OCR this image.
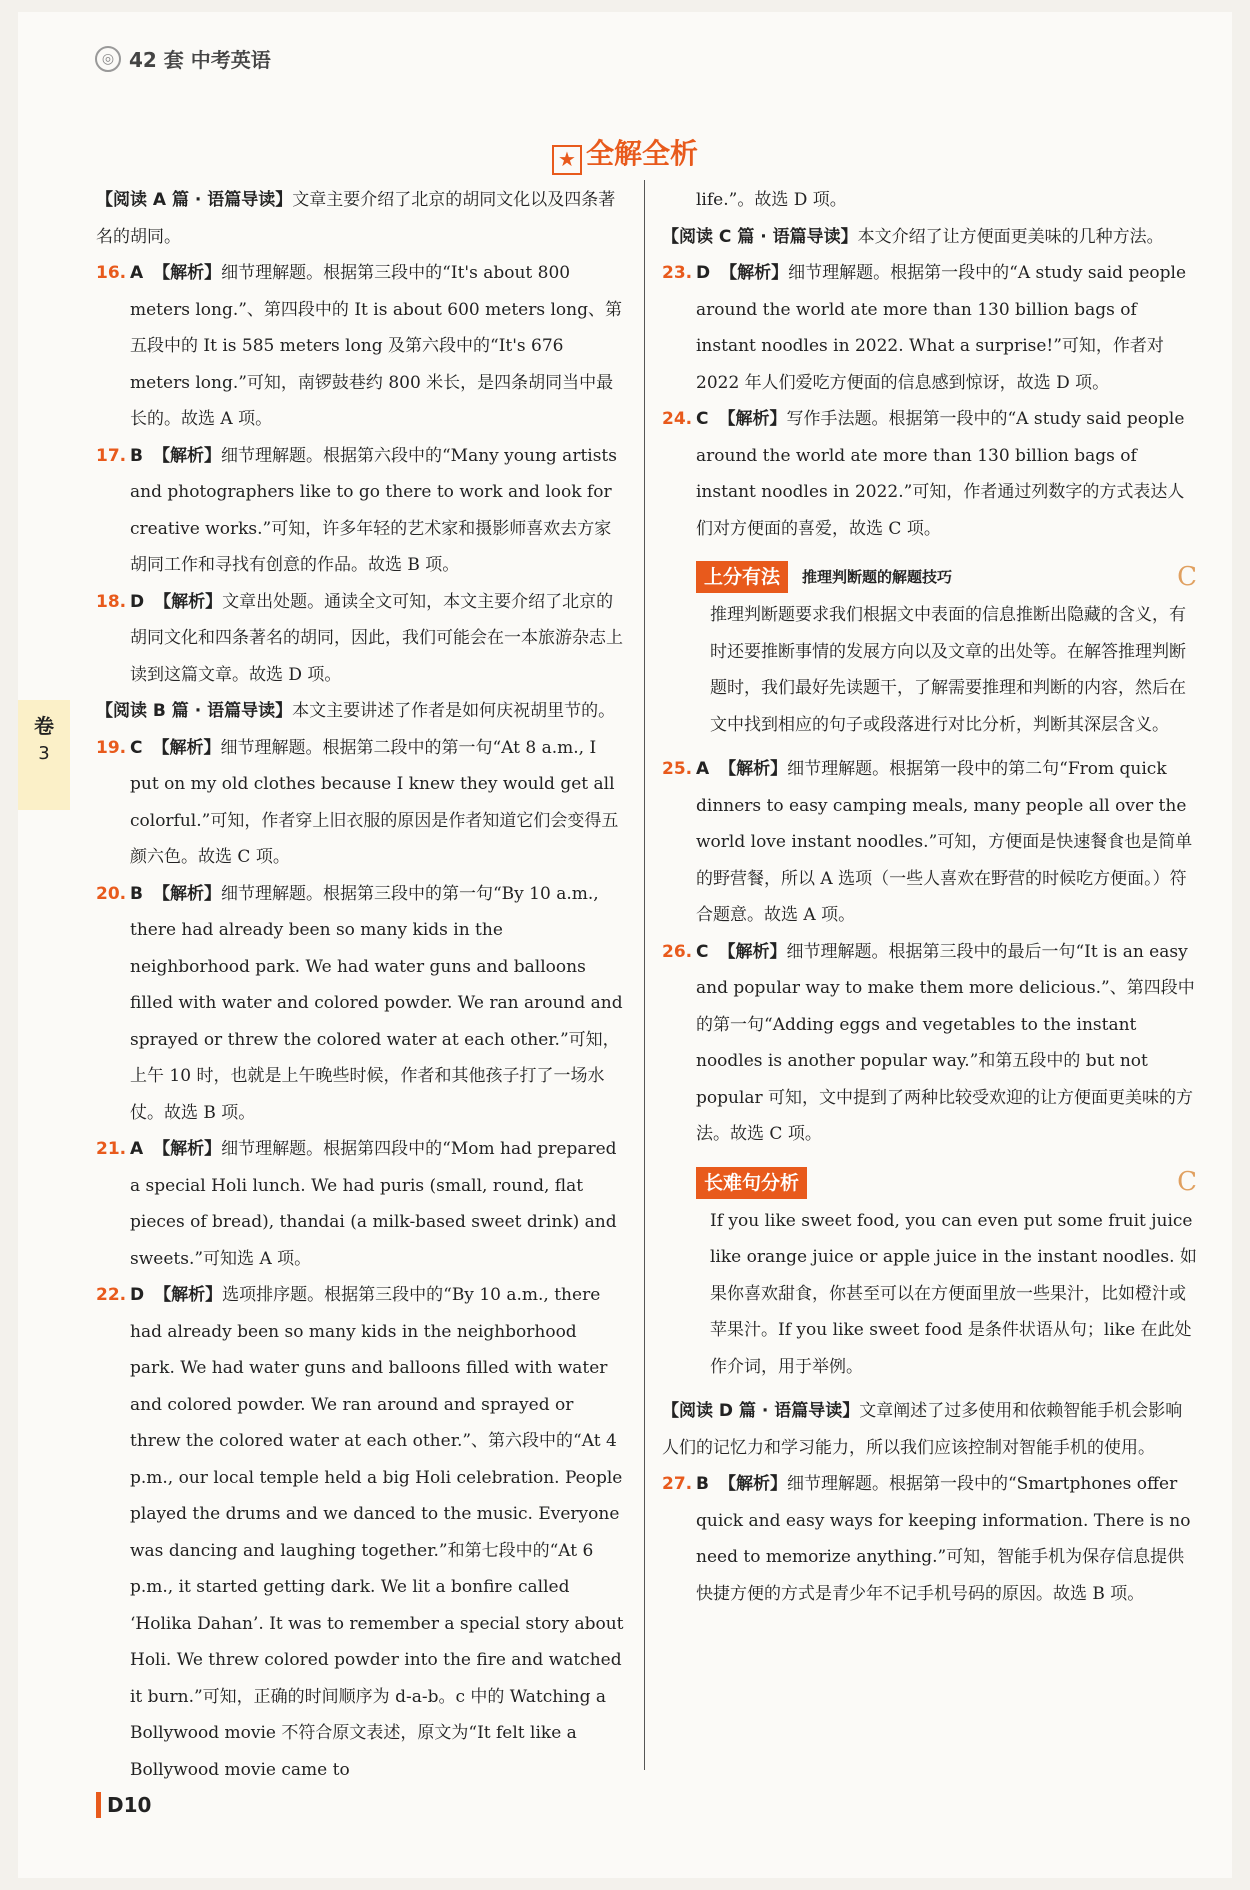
◎ 42 套 中考英语
★ 全解全析
卷
3

【阅读 A 篇 · 语篇导读】文章主要介绍了北京的胡同文化以及四条著名的胡同。

16. A 【解析】细节理解题。根据第三段中的“It's about 800 meters long.”、第四段中的 It is about 600 meters long、第五段中的 It is 585 meters long 及第六段中的“It's 676 meters long.”可知，南锣鼓巷约 800 米长，是四条胡同当中最长的。故选 A 项。

17. B 【解析】细节理解题。根据第六段中的“Many young artists and photographers like to go there to work and look for creative works.”可知，许多年轻的艺术家和摄影师喜欢去方家胡同工作和寻找有创意的作品。故选 B 项。

18. D 【解析】文章出处题。通读全文可知，本文主要介绍了北京的胡同文化和四条著名的胡同，因此，我们可能会在一本旅游杂志上读到这篇文章。故选 D 项。

【阅读 B 篇 · 语篇导读】本文主要讲述了作者是如何庆祝胡里节的。

19. C 【解析】细节理解题。根据第二段中的第一句“At 8 a.m., I put on my old clothes because I knew they would get all colorful.”可知，作者穿上旧衣服的原因是作者知道它们会变得五颜六色。故选 C 项。

20. B 【解析】细节理解题。根据第三段中的第一句“By 10 a.m., there had already been so many kids in the neighborhood park. We had water guns and balloons filled with water and colored powder. We ran around and sprayed or threw the colored water at each other.”可知，上午 10 时，也就是上午晚些时候，作者和其他孩子打了一场水仗。故选 B 项。

21. A 【解析】细节理解题。根据第四段中的“Mom had prepared a special Holi lunch. We had puris (small, round, flat pieces of bread), thandai (a milk-based sweet drink) and sweets.”可知选 A 项。

22. D 【解析】选项排序题。根据第三段中的“By 10 a.m., there had already been so many kids in the neighborhood park. We had water guns and balloons filled with water and colored powder. We ran around and sprayed or threw the colored water at each other.”、第六段中的“At 4 p.m., our local temple held a big Holi celebration. People played the drums and we danced to the music. Everyone was dancing and laughing together.”和第七段中的“At 6 p.m., it started getting dark. We lit a bonfire called ‘Holika Dahan’. It was to remember a special story about Holi. We threw colored powder into the fire and watched it burn.”可知，正确的时间顺序为 d-a-b。c 中的 Watching a Bollywood movie 不符合原文表述，原文为“It felt like a Bollywood movie came to

life.”。故选 D 项。

【阅读 C 篇 · 语篇导读】本文介绍了让方便面更美味的几种方法。

23. D 【解析】细节理解题。根据第一段中的“A study said people around the world ate more than 130 billion bags of instant noodles in 2022. What a surprise!”可知，作者对 2022 年人们爱吃方便面的信息感到惊讶，故选 D 项。

24. C 【解析】写作手法题。根据第一段中的“A study said people around the world ate more than 130 billion bags of instant noodles in 2022.”可知，作者通过列数字的方式表达人们对方便面的喜爱，故选 C 项。

上分有法	推理判断题的解题技巧	C
推理判断题要求我们根据文中表面的信息推断出隐藏的含义，有时还要推断事情的发展方向以及文章的出处等。在解答推理判断题时，我们最好先读题干，了解需要推理和判断的内容，然后在文中找到相应的句子或段落进行对比分析，判断其深层含义。
25. A 【解析】细节理解题。根据第一段中的第二句“From quick dinners to easy camping meals, many people all over the world love instant noodles.”可知，方便面是快速餐食也是简单的野营餐，所以 A 选项（一些人喜欢在野营的时候吃方便面。）符合题意。故选 A 项。

26. C 【解析】细节理解题。根据第三段中的最后一句“It is an easy and popular way to make them more delicious.”、第四段中的第一句“Adding eggs and vegetables to the instant noodles is another popular way.”和第五段中的 but not popular 可知，文中提到了两种比较受欢迎的让方便面更美味的方法。故选 C 项。

长难句分析	C
If you like sweet food, you can even put some fruit juice like orange juice or apple juice in the instant noodles. 如果你喜欢甜食，你甚至可以在方便面里放一些果汁，比如橙汁或苹果汁。If you like sweet food 是条件状语从句；like 在此处作介词，用于举例。

【阅读 D 篇 · 语篇导读】文章阐述了过多使用和依赖智能手机会影响人们的记忆力和学习能力，所以我们应该控制对智能手机的使用。

27. B 【解析】细节理解题。根据第一段中的“Smartphones offer quick and easy ways for keeping information. There is no need to memorize anything.”可知，智能手机为保存信息提供快捷方便的方式是青少年不记手机号码的原因。故选 B 项。

D10
